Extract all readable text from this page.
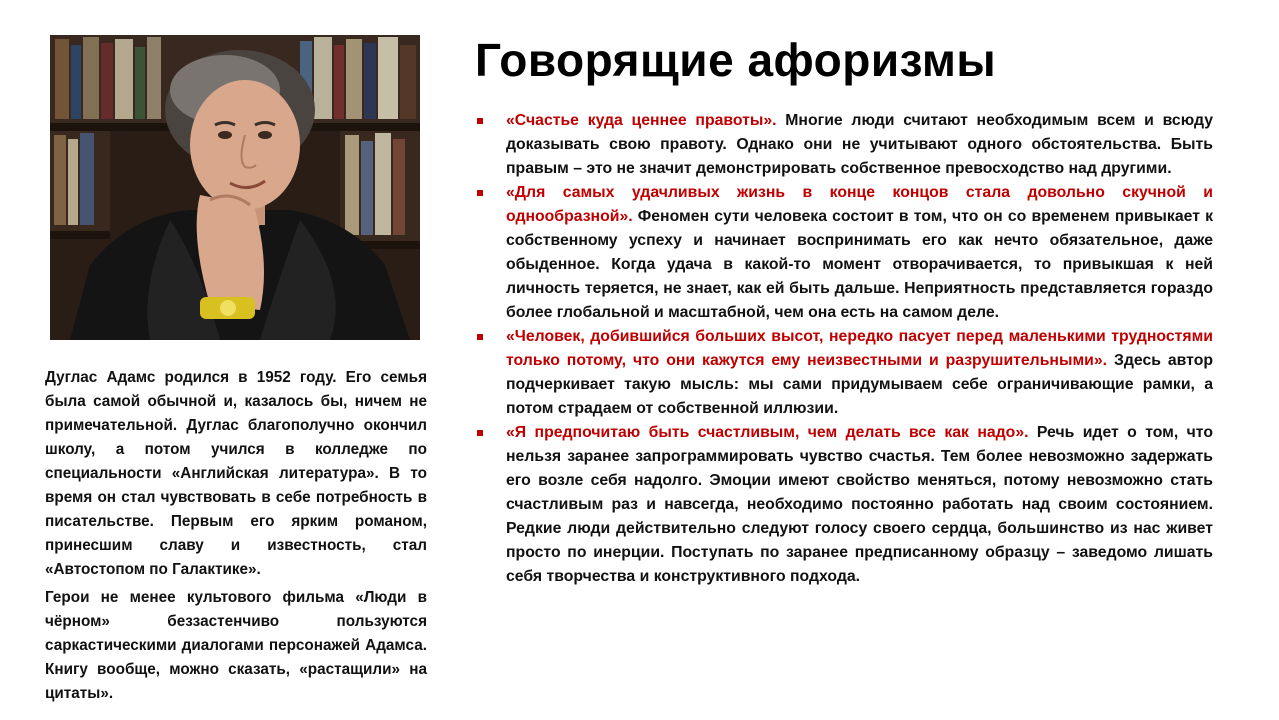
Дуглас Адамс родился в 1952 году. Его семья была самой обычной и, казалось бы, ничем не примечательной. Дуглас благополучно окончил школу, а потом учился в колледже по специальности «Английская литература». В то время он стал чувствовать в себе потребность в писательстве. Первым его ярким романом, принесшим славу и известность, стал «Автостопом по Галактике».

Герои не менее культового фильма «Люди в чёрном» беззастенчиво пользуются саркастическими диалогами персонажей Адамса. Книгу вообще, можно сказать, «растащили» на цитаты».

Говорящие афоризмы
«Счастье куда ценнее правоты». Многие люди считают необходимым всем и всюду доказывать свою правоту. Однако они не учитывают одного обстоятельства. Быть правым – это не значит демонстрировать собственное превосходство над другими.
«Для самых удачливых жизнь в конце концов стала довольно скучной и однообразной». Феномен сути человека состоит в том, что он со временем привыкает к собственному успеху и начинает воспринимать его как нечто обязательное, даже обыденное. Когда удача в какой-то момент отворачивается, то привыкшая к ней личность теряется, не знает, как ей быть дальше. Неприятность представляется гораздо более глобальной и масштабной, чем она есть на самом деле.
«Человек, добившийся больших высот, нередко пасует перед маленькими трудностями только потому, что они кажутся ему неизвестными и разрушительными». Здесь автор подчеркивает такую мысль: мы сами придумываем себе ограничивающие рамки, а потом страдаем от собственной иллюзии.
«Я предпочитаю быть счастливым, чем делать все как надо». Речь идет о том, что нельзя заранее запрограммировать чувство счастья. Тем более невозможно задержать его возле себя надолго. Эмоции имеют свойство меняться, потому невозможно стать счастливым раз и навсегда, необходимо постоянно работать над своим состоянием. Редкие люди действительно следуют голосу своего сердца, большинство из нас живет просто по инерции. Поступать по заранее предписанному образцу – заведомо лишать себя творчества и конструктивного подхода.
